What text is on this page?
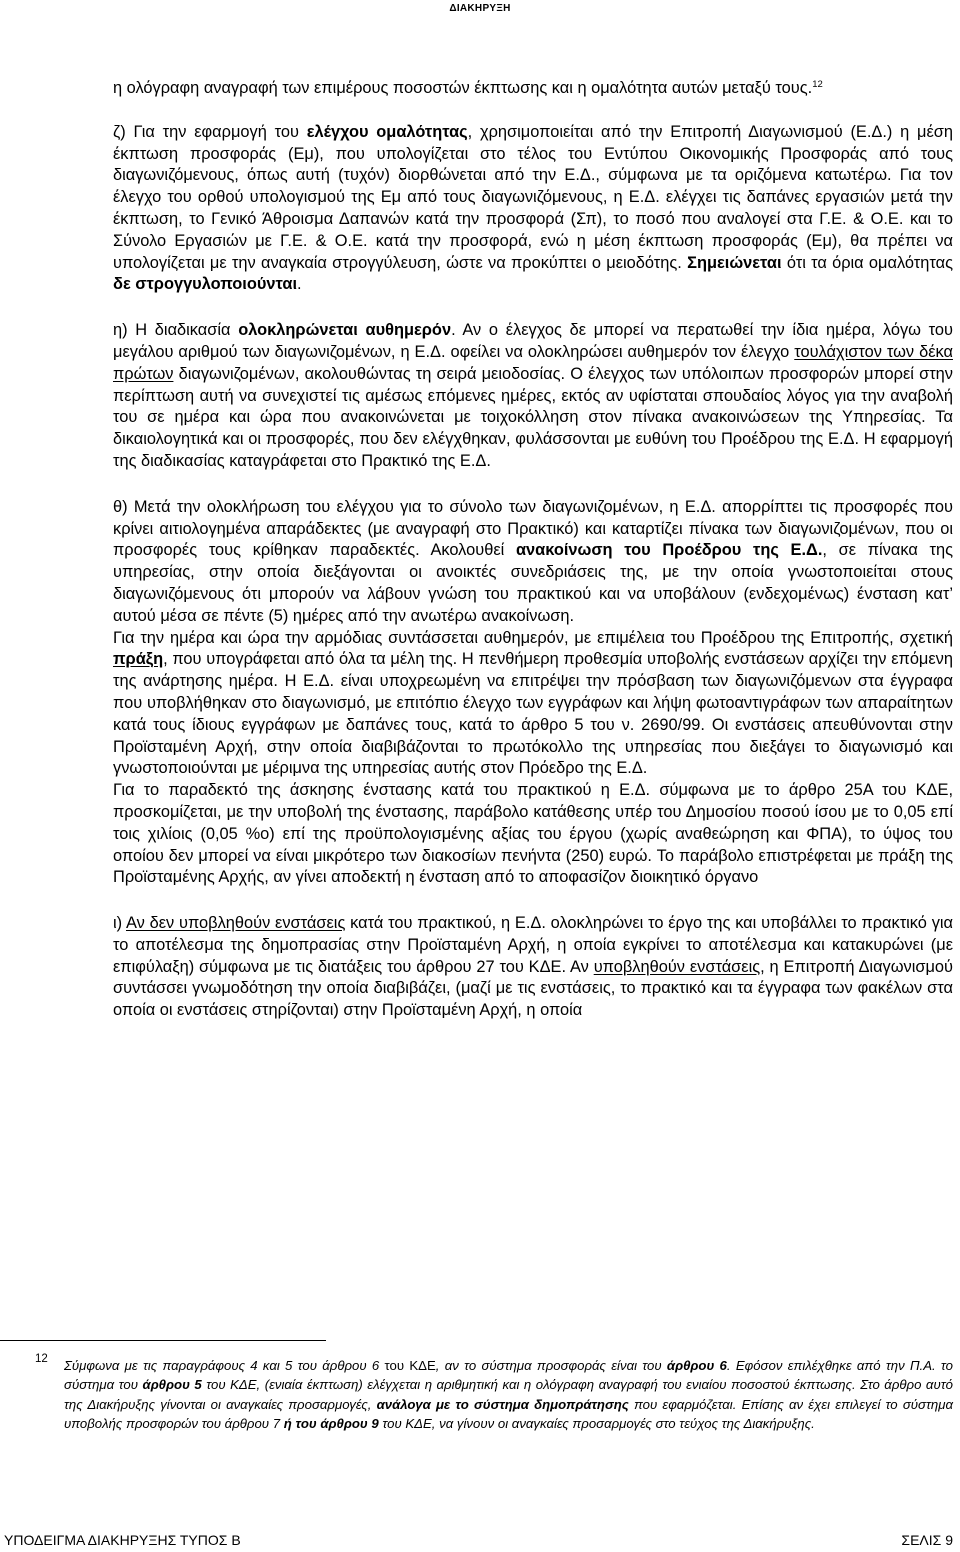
ΔΙΑΚΗΡΥΞΗ

η ολόγραφη αναγραφή των επιμέρους ποσοστών έκπτωσης και η ομαλότητα αυτών μεταξύ τους.$^{12}$

ζ) Για την εφαρμογή του ελέγχου ομαλότητας, χρησιμοποιείται από την Επιτροπή Διαγωνισμού (Ε.Δ.) η μέση έκπτωση προσφοράς (Εμ), που υπολογίζεται στο τέλος του Εντύπου Οικονομικής Προσφοράς από τους διαγωνιζόμενους, όπως αυτή (τυχόν) διορθώνεται από την Ε.Δ., σύμφωνα με τα οριζόμενα κατωτέρω. Για τον έλεγχο του ορθού υπολογισμού της Εμ από τους διαγωνιζόμενους, η Ε.Δ. ελέγχει τις δαπάνες εργασιών μετά την έκπτωση, το Γενικό Άθροισμα Δαπανών κατά την προσφορά (Σπ), το ποσό που αναλογεί στα Γ.Ε. & Ο.Ε. και το Σύνολο Εργασιών με Γ.Ε. & Ο.Ε. κατά την προσφορά, ενώ η μέση έκπτωση προσφοράς (Εμ), θα πρέπει να υπολογίζεται με την αναγκαία στρογγύλευση, ώστε να προκύπτει ο μειοδότης. Σημειώνεται ότι τα όρια ομαλότητας δε στρογγυλοποιούνται.

η) Η διαδικασία ολοκληρώνεται αυθημερόν. Αν ο έλεγχος δε μπορεί να περατωθεί την ίδια ημέρα, λόγω του μεγάλου αριθμού των διαγωνιζομένων, η Ε.Δ. οφείλει να ολοκληρώσει αυθημερόν τον έλεγχο τουλάχιστον των δέκα πρώτων διαγωνιζομένων, ακολουθώντας τη σειρά μειοδοσίας. Ο έλεγχος των υπόλοιπων προσφορών μπορεί στην περίπτωση αυτή να συνεχιστεί τις αμέσως επόμενες ημέρες, εκτός αν υφίσταται σπουδαίος λόγος για την αναβολή του σε ημέρα και ώρα που ανακοινώνεται με τοιχοκόλληση στον πίνακα ανακοινώσεων της Υπηρεσίας. Τα δικαιολογητικά και οι προσφορές, που δεν ελέγχθηκαν, φυλάσσονται με ευθύνη του Προέδρου της Ε.Δ. Η εφαρμογή της διαδικασίας καταγράφεται στο Πρακτικό της Ε.Δ.

θ) Μετά την ολοκλήρωση του ελέγχου για το σύνολο των διαγωνιζομένων, η Ε.Δ. απορρίπτει τις προσφορές που κρίνει αιτιολογημένα απαράδεκτες (με αναγραφή στο Πρακτικό) και καταρτίζει πίνακα των διαγωνιζομένων, που οι προσφορές τους κρίθηκαν παραδεκτές. Ακολουθεί ανακοίνωση του Προέδρου της Ε.Δ., σε πίνακα της υπηρεσίας, στην οποία διεξάγονται οι ανοικτές συνεδριάσεις της, με την οποία γνωστοποιείται στους διαγωνιζόμενους ότι μπορούν να λάβουν γνώση του πρακτικού και να υποβάλουν (ενδεχομένως) ένσταση κατ’ αυτού μέσα σε πέντε (5) ημέρες από την ανωτέρω ανακοίνωση.

Για την ημέρα και ώρα την αρμόδιας συντάσσεται αυθημερόν, με επιμέλεια του Προέδρου της Επιτροπής, σχετική πράξη, που υπογράφεται από όλα τα μέλη της. Η πενθήμερη προθεσμία υποβολής ενστάσεων αρχίζει την επόμενη της ανάρτησης ημέρα. Η Ε.Δ. είναι υποχρεωμένη να επιτρέψει την πρόσβαση των διαγωνιζόμενων στα έγγραφα που υποβλήθηκαν στο διαγωνισμό, με επιτόπιο έλεγχο των εγγράφων και λήψη φωτοαντιγράφων των απαραίτητων κατά τους ίδιους εγγράφων με δαπάνες τους, κατά το άρθρο 5 του ν. 2690/99. Οι ενστάσεις απευθύνονται στην Προϊσταμένη Αρχή, στην οποία διαβιβάζονται το πρωτόκολλο της υπηρεσίας που διεξάγει το διαγωνισμό και γνωστοποιούνται με μέριμνα της υπηρεσίας αυτής στον Πρόεδρο της Ε.Δ.

Για το παραδεκτό της άσκησης ένστασης κατά του πρακτικού η Ε.Δ. σύμφωνα με το άρθρο 25Α του ΚΔΕ, προσκομίζεται, με την υποβολή της ένστασης, παράβολο κατάθεσης υπέρ του Δημοσίου ποσού ίσου με το 0,05 επί τοις χιλίοις (0,05 %ο) επί της προϋπολογισμένης αξίας του έργου (χωρίς αναθεώρηση και ΦΠΑ), το ύψος του οποίου δεν μπορεί να είναι μικρότερο των διακοσίων πενήντα (250) ευρώ. Το παράβολο επιστρέφεται με πράξη της Προϊσταμένης Αρχής, αν γίνει αποδεκτή η ένσταση από το αποφασίζον διοικητικό όργανο

ι) Αν δεν υποβληθούν ενστάσεις κατά του πρακτικού, η Ε.Δ. ολοκληρώνει το έργο της και υποβάλλει το πρακτικό για το αποτέλεσμα της δημοπρασίας στην Προϊσταμένη Αρχή, η οποία εγκρίνει το αποτέλεσμα και κατακυρώνει (με επιφύλαξη) σύμφωνα με τις διατάξεις του άρθρου 27 του ΚΔΕ. Αν υποβληθούν ενστάσεις, η Επιτροπή Διαγωνισμού συντάσσει γνωμοδότηση την οποία διαβιβάζει, (μαζί με τις ενστάσεις, το πρακτικό και τα έγγραφα των φακέλων στα οποία οι ενστάσεις στηρίζονται) στην Προϊσταμένη Αρχή, η οποία

12 Σύμφωνα με τις παραγράφους 4 και 5 του άρθρου 6 του ΚΔΕ, αν το σύστημα προσφοράς είναι του άρθρου 6. Εφόσον επιλέχθηκε από την Π.Α. το σύστημα του άρθρου 5 του ΚΔΕ, (ενιαία έκπτωση) ελέγχεται η αριθμητική και η ολόγραφη αναγραφή του ενιαίου ποσοστού έκπτωσης. Στο άρθρο αυτό της Διακήρυξης γίνονται οι αναγκαίες προσαρμογές, ανάλογα με το σύστημα δημοπράτησης που εφαρμόζεται. Επίσης αν έχει επιλεγεί το σύστημα υποβολής προσφορών του άρθρου 7 ή του άρθρου 9 του ΚΔΕ, να γίνουν οι αναγκαίες προσαρμογές στο τεύχος της Διακήρυξης.

ΥΠΟΔΕΙΓΜΑ ΔΙΑΚΗΡΥΞΗΣ ΤΥΠΟΣ Β	ΣΕΛΙΣ 9
